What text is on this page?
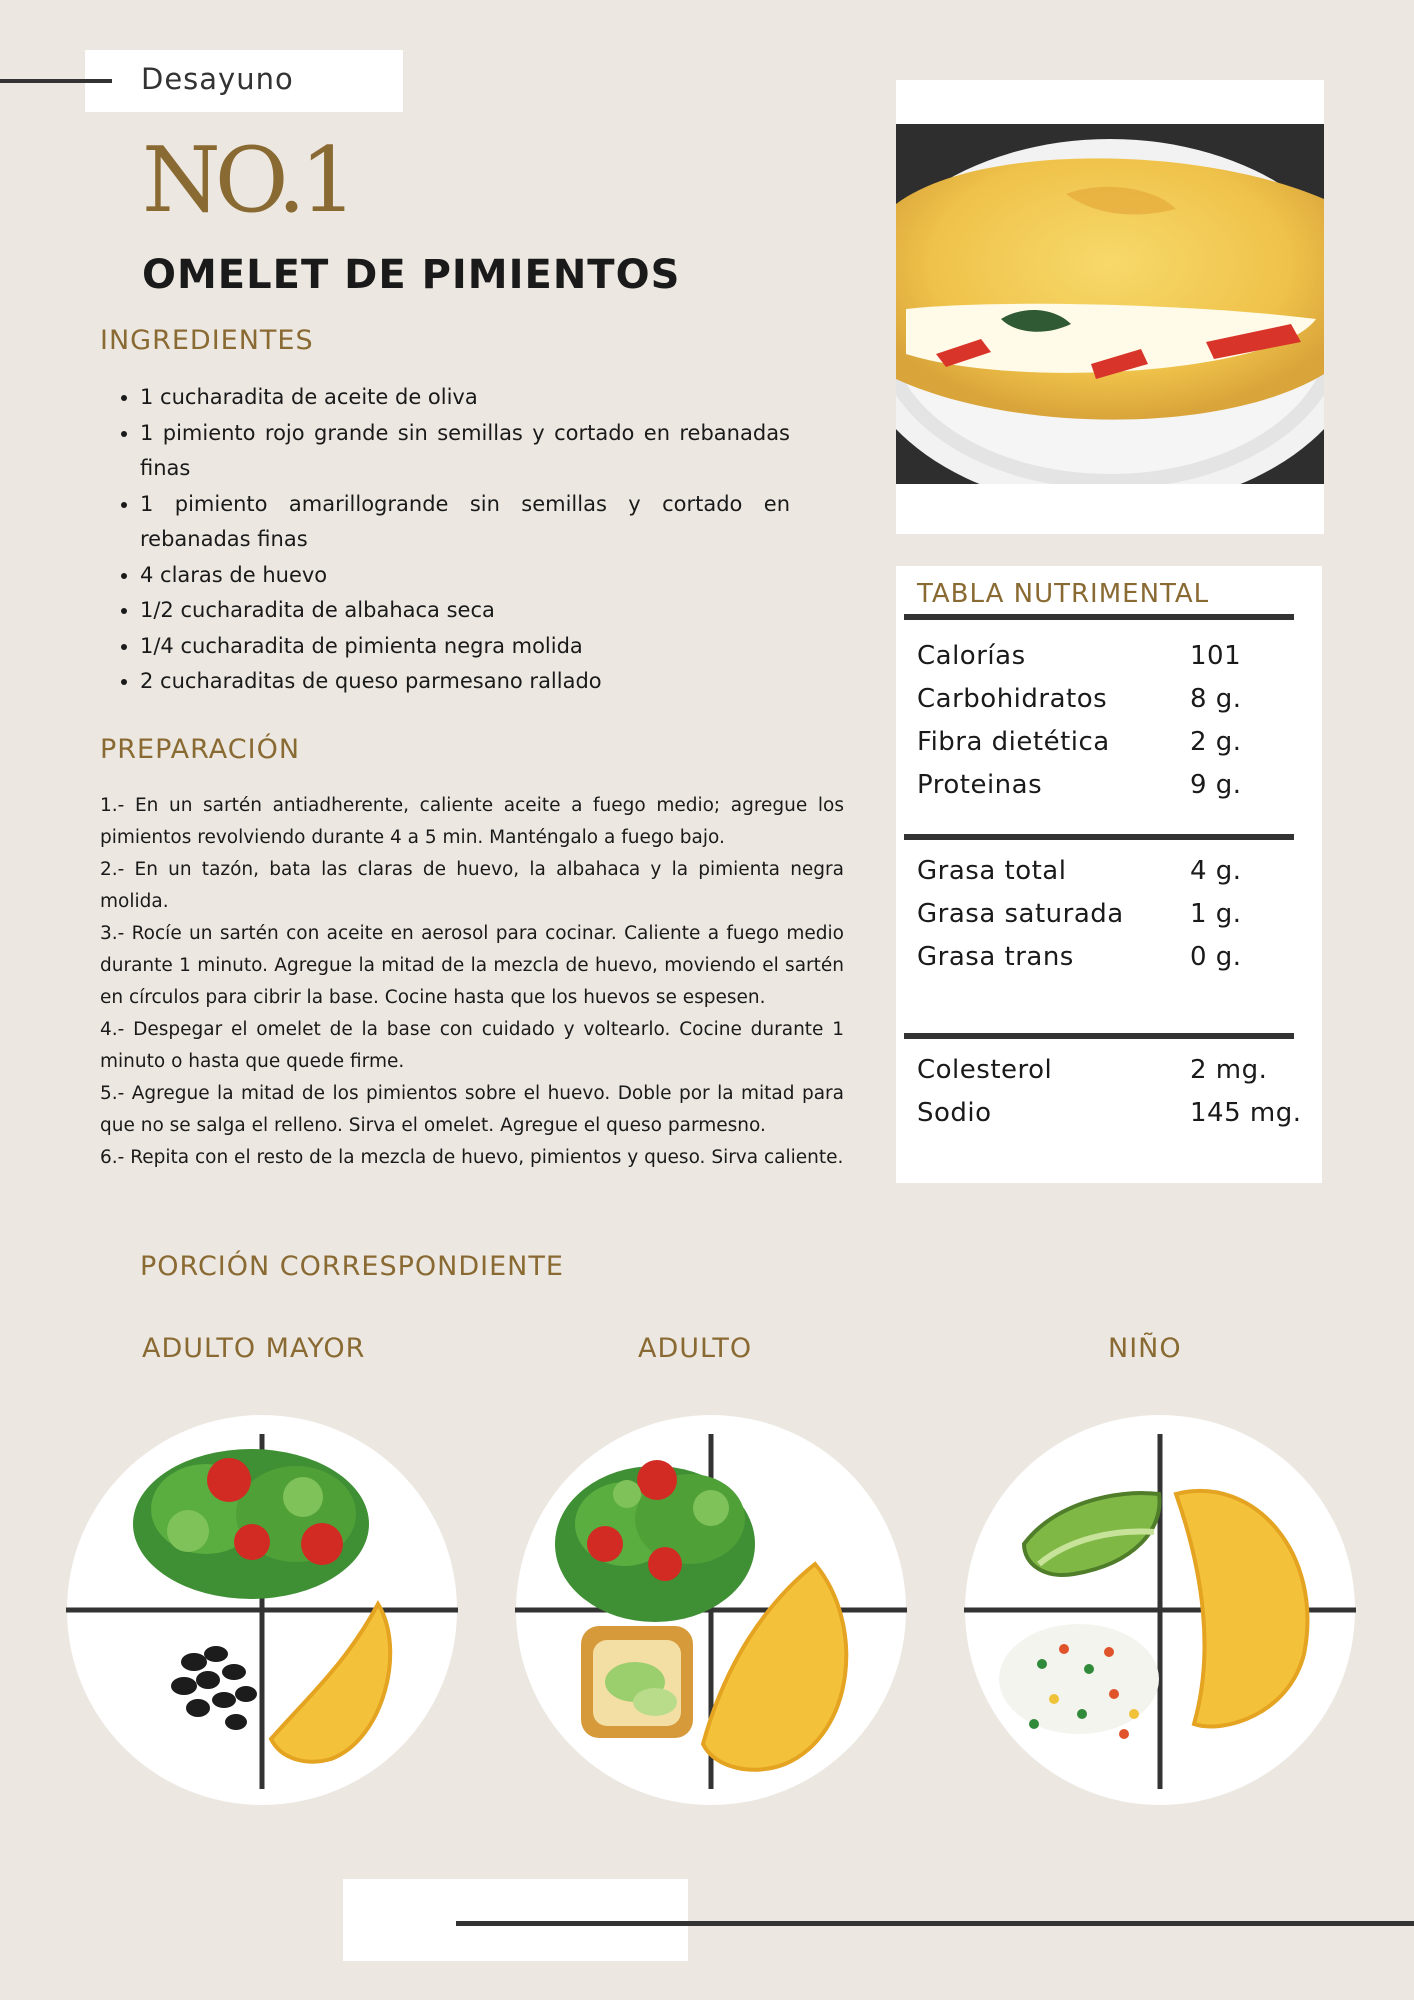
Desayuno
NO.1
OMELET DE PIMIENTOS
INGREDIENTES
• 1 cucharadita de aceite de oliva
• 1 pimiento rojo grande sin semillas y cortado en rebanadas finas
• 1 pimiento amarillogrande sin semillas y cortado en rebanadas finas
• 4 claras de huevo
• 1/2 cucharadita de albahaca seca
• 1/4 cucharadita de pimienta negra molida
• 2 cucharaditas de queso parmesano rallado
PREPARACIÓN

1.- En un sartén antiadherente, caliente aceite a fuego medio; agregue los pimientos revolviendo durante 4 a 5 min. Manténgalo a fuego bajo.

2.- En un tazón, bata las claras de huevo, la albahaca y la pimienta negra molida.

3.- Rocíe un sartén con aceite en aerosol para cocinar. Caliente a fuego medio durante 1 minuto. Agregue la mitad de la mezcla de huevo, moviendo el sartén en círculos para cibrir la base. Cocine hasta que los huevos se espesen.

4.- Despegar el omelet de la base con cuidado y voltearlo. Cocine durante 1 minuto o hasta que quede firme.

5.- Agregue la mitad de los pimientos sobre el huevo. Doble por la mitad para que no se salga el relleno. Sirva el omelet. Agregue el queso parmesno.

6.- Repita con el resto de la mezcla de huevo, pimientos y queso. Sirva caliente.

TABLA NUTRIMENTAL
Calorías	101
Carbohidratos	8 g.
Fibra dietética	2 g.
Proteinas	9 g.
Grasa total	4 g.
Grasa saturada	1 g.
Grasa trans	0 g.
Colesterol	2 mg.
Sodio	145 mg.
PORCIÓN CORRESPONDIENTE
ADULTO MAYOR	ADULTO	NIÑO
